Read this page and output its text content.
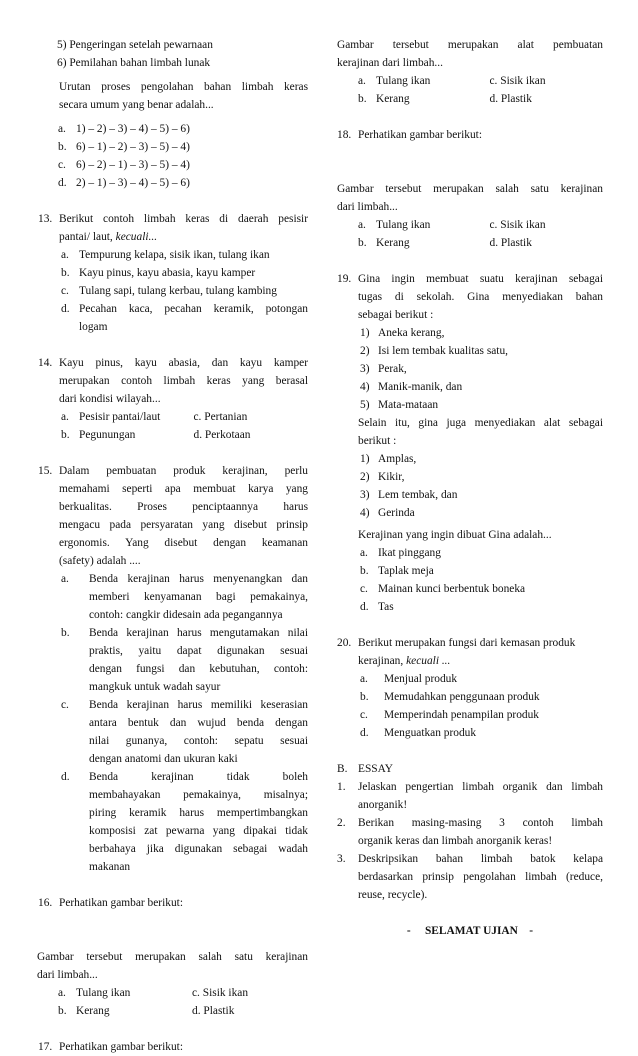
5) Pengeringan setelah pewarnaan
6) Pemilahan bahan limbah lunak
Urutan proses pengolahan bahan limbah keras
secara umum yang benar adalah...
a. 1) – 2) – 3) – 4) – 5) – 6)
b. 6) – 1) – 2) – 3) – 5) – 4)
c. 6) – 2) – 1) – 3) – 5) – 4)
d. 2) – 1) – 3) – 4) – 5) – 6)
13. Berikut contoh limbah keras di daerah pesisir
pantai/ laut, kecuali...
a. Tempurung kelapa, sisik ikan, tulang ikan
b. Kayu pinus, kayu abasia, kayu kamper
c. Tulang sapi, tulang kerbau, tulang kambing
d. Pecahan kaca, pecahan keramik, potongan
logam
14. Kayu pinus, kayu abasia, dan kayu kamper
merupakan contoh limbah keras yang berasal
dari kondisi wilayah...
a. Pesisir pantai/laut	c. Pertanian
b. Pegunungan	d. Perkotaan
15. Dalam pembuatan produk kerajinan, perlu
memahami seperti apa membuat karya yang
berkualitas. Proses penciptaannya harus
mengacu pada persyaratan yang disebut prinsip
ergonomis. Yang disebut dengan keamanan
(safety) adalah ....
a. Benda kerajinan harus menyenangkan dan
memberi kenyamanan bagi pemakainya,
contoh: cangkir didesain ada pegangannya
b. Benda kerajinan harus mengutamakan nilai
praktis, yaitu dapat digunakan sesuai
dengan fungsi dan kebutuhan, contoh:
mangkuk untuk wadah sayur
c. Benda kerajinan harus memiliki keserasian
antara bentuk dan wujud benda dengan
nilai gunanya, contoh: sepatu sesuai
dengan anatomi dan ukuran kaki
d. Benda kerajinan tidak boleh
membahayakan pemakainya, misalnya;
piring keramik harus mempertimbangkan
komposisi zat pewarna yang dipakai tidak
berbahaya jika digunakan sebagai wadah
makanan
16. Perhatikan gambar berikut:
Gambar tersebut merupakan salah satu kerajinan
dari limbah...
a. Tulang ikan	c. Sisik ikan
b. Kerang	d. Plastik
17. Perhatikan gambar berikut:
Gambar tersebut merupakan alat pembuatan
kerajinan dari limbah...
a. Tulang ikan	c. Sisik ikan
b. Kerang	d. Plastik
18. Perhatikan gambar berikut:
Gambar tersebut merupakan salah satu kerajinan
dari limbah...
a. Tulang ikan	c. Sisik ikan
b. Kerang	d. Plastik
19. Gina ingin membuat suatu kerajinan sebagai
tugas di sekolah. Gina menyediakan bahan
sebagai berikut :
1) Aneka kerang,
2) Isi lem tembak kualitas satu,
3) Perak,
4) Manik-manik, dan
5) Mata-mataan
Selain itu, gina juga menyediakan alat sebagai
berikut :
1) Amplas,
2) Kikir,
3) Lem tembak, dan
4) Gerinda
Kerajinan yang ingin dibuat Gina adalah...
a. Ikat pinggang
b. Taplak meja
c. Mainan kunci berbentuk boneka
d. Tas
20. Berikut merupakan fungsi dari kemasan produk
kerajinan, kecuali ...
a. Menjual produk
b. Memudahkan penggunaan produk
c. Memperindah penampilan produk
d. Menguatkan produk
B. ESSAY
1. Jelaskan pengertian limbah organik dan limbah
anorganik!
2. Berikan masing-masing 3 contoh limbah
organik keras dan limbah anorganik keras!
3. Deskripsikan bahan limbah batok kelapa
berdasarkan prinsip pengolahan limbah (reduce,
reuse, recycle).
-     SELAMAT UJIAN    -
